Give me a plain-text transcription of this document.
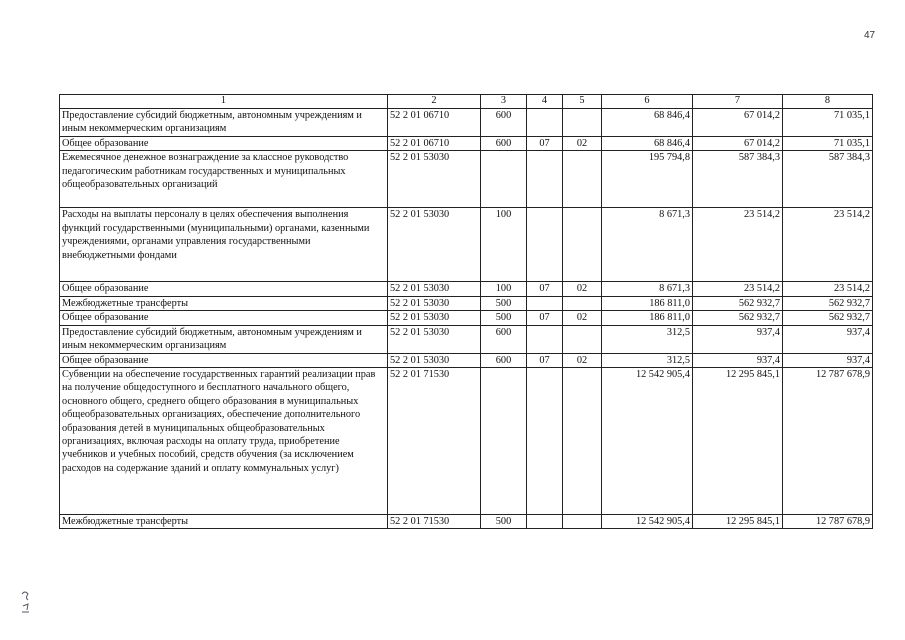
47
1	2	3	4	5	6	7	8
Предоставление субсидий бюджетным, автономным учреждениям и иным некоммерческим организациям	52 2 01 06710	600			68 846,4	67 014,2	71 035,1
Общее образование	52 2 01 06710	600	07	02	68 846,4	67 014,2	71 035,1
Ежемесячное денежное вознаграждение за классное руководство педагогическим работникам государственных и муниципальных общеобразовательных организаций	52 2 01 53030				195 794,8	587 384,3	587 384,3
Расходы на выплаты персоналу в целях обеспечения выполнения функций государственными (муниципальными) органами, казенными учреждениями, органами управления государственными внебюджетными фондами	52 2 01 53030	100			8 671,3	23 514,2	23 514,2
Общее образование	52 2 01 53030	100	07	02	8 671,3	23 514,2	23 514,2
Межбюджетные трансферты	52 2 01 53030	500			186 811,0	562 932,7	562 932,7
Общее образование	52 2 01 53030	500	07	02	186 811,0	562 932,7	562 932,7
Предоставление субсидий бюджетным, автономным учреждениям и иным некоммерческим организациям	52 2 01 53030	600			312,5	937,4	937,4
Общее образование	52 2 01 53030	600	07	02	312,5	937,4	937,4
Субвенции на обеспечение государственных гарантий реализации прав на получение общедоступного и бесплатного начального общего, основного общего, среднего общего образования в муниципальных общеобразовательных организациях, обеспечение дополнительного образования детей в муниципальных общеобразовательных организациях, включая расходы на оплату труда, приобретение учебников и учебных пособий, средств обучения (за исключением расходов на содержание зданий и оплату коммунальных услуг)	52 2 01 71530				12 542 905,4	12 295 845,1	12 787 678,9
Межбюджетные трансферты	52 2 01 71530	500			12 542 905,4	12 295 845,1	12 787 678,9
